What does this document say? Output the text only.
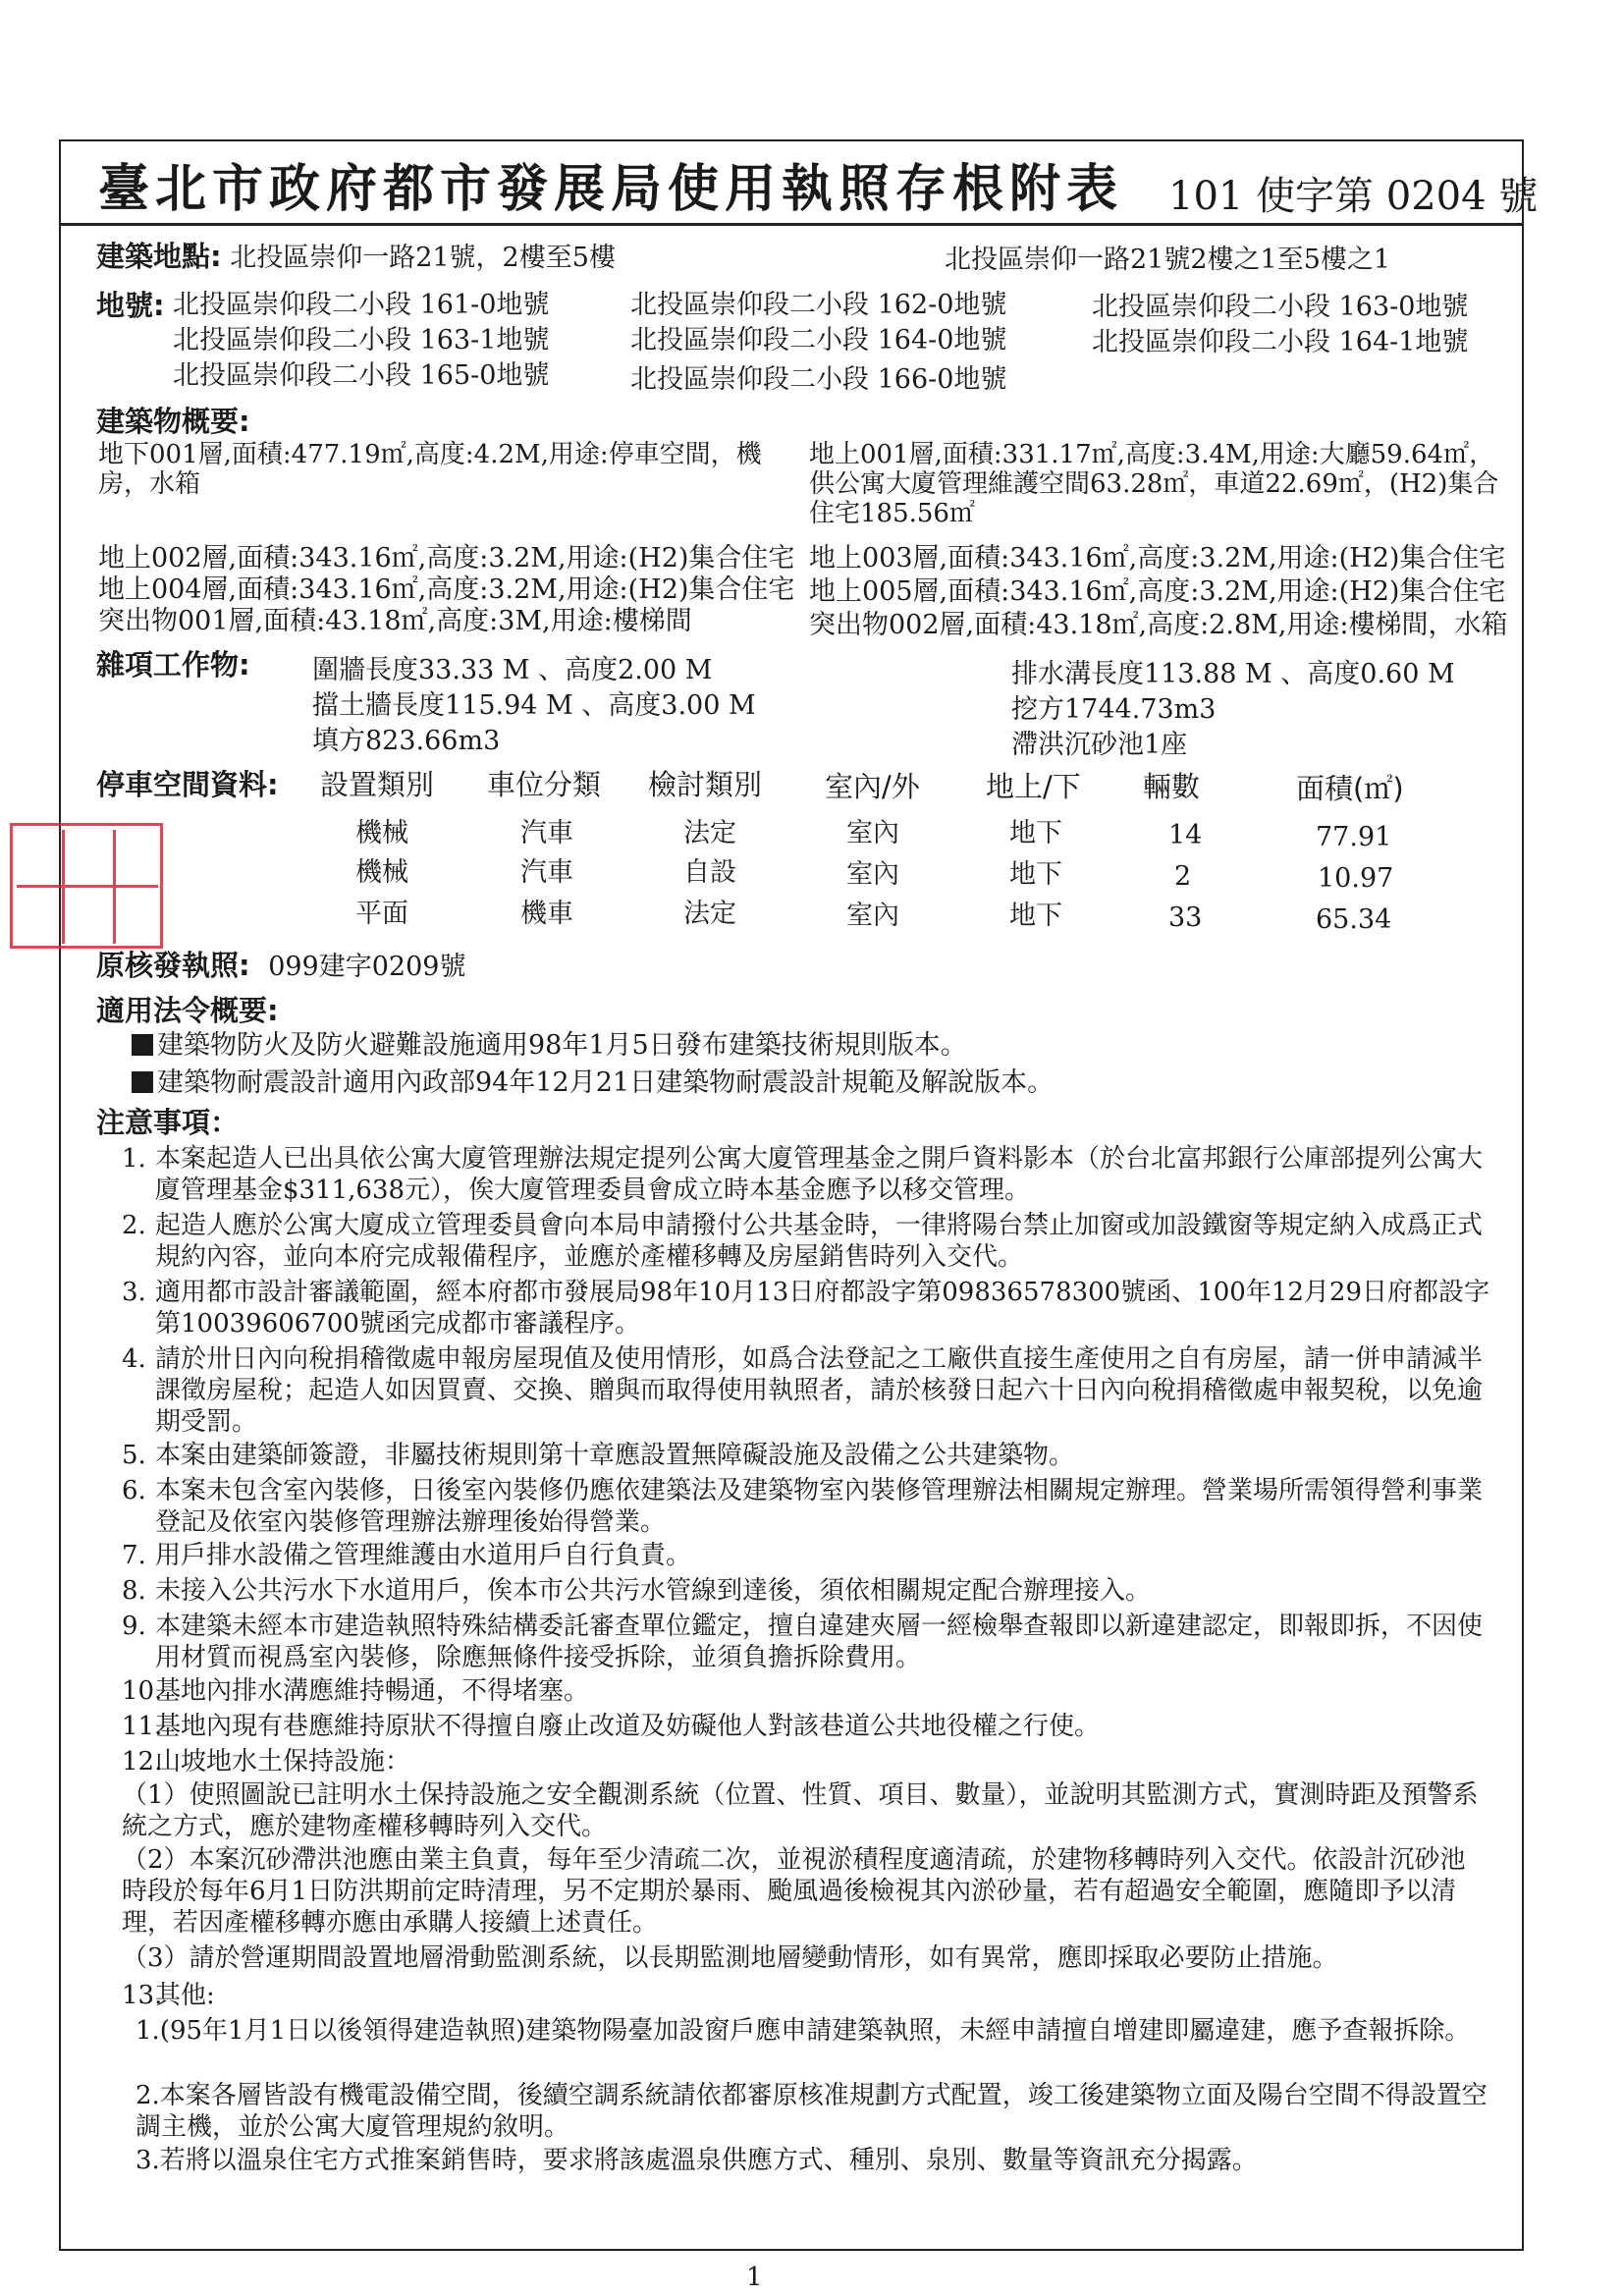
臺北市政府都市發展局使用執照存根附表 101 使字第 0204 號
建築地點: 北投區崇仰一路21號，2樓至5樓	北投區崇仰一路21號2樓之1至5樓之1
地號: 北投區崇仰段二小段 161-0地號	北投區崇仰段二小段 162-0地號	北投區崇仰段二小段 163-0地號
北投區崇仰段二小段 163-1地號	北投區崇仰段二小段 164-0地號	北投區崇仰段二小段 164-1地號
北投區崇仰段二小段 165-0地號	北投區崇仰段二小段 166-0地號
建築物概要:
地下001層,面積:477.19㎡,高度:4.2M,用途:停車空間，機房，水箱
地上001層,面積:331.17㎡,高度:3.4M,用途:大廳59.64㎡，供公寓大廈管理維護空間63.28㎡，車道22.69㎡，(H2)集合住宅185.56㎡
地上002層,面積:343.16㎡,高度:3.2M,用途:(H2)集合住宅 地上003層,面積:343.16㎡,高度:3.2M,用途:(H2)集合住宅
地上004層,面積:343.16㎡,高度:3.2M,用途:(H2)集合住宅 地上005層,面積:343.16㎡,高度:3.2M,用途:(H2)集合住宅
突出物001層,面積:43.18㎡,高度:3M,用途:樓梯間	突出物002層,面積:43.18㎡,高度:2.8M,用途:樓梯間，水箱
雜項工作物: 圍牆長度33.33 M 、高度2.00 M	排水溝長度113.88 M 、高度0.60 M
擋土牆長度115.94 M 、高度3.00 M	挖方1744.73m3
填方823.66m3	滯洪沉砂池1座
停車空間資料: 設置類別 車位分類 檢討類別 室內/外 地上/下 輛數	面積(㎡)
機械	汽車	法定	室內	地下	14	77.91
機械	汽車	自設	室內	地下	2	10.97
平面	機車	法定	室內	地下	33	65.34
原核發執照: 099建字0209號
適用法令概要:
建築物防火及防火避難設施適用98年1月5日發布建築技術規則版本。
建築物耐震設計適用內政部94年12月21日建築物耐震設計規範及解說版本。
注意事項：
1. 本案起造人已出具依公寓大廈管理辦法規定提列公寓大廈管理基金之開戶資料影本（於台北富邦銀行公庫部提列公寓大廈管理基金$311,638元），俟大廈管理委員會成立時本基金應予以移交管理。
2. 起造人應於公寓大廈成立管理委員會向本局申請撥付公共基金時，一律將陽台禁止加窗或加設鐵窗等規定納入成爲正式規約內容，並向本府完成報備程序，並應於產權移轉及房屋銷售時列入交代。
3. 適用都市設計審議範圍，經本府都市發展局98年10月13日府都設字第09836578300號函、100年12月29日府都設字第10039606700號函完成都市審議程序。
4. 請於卅日內向稅捐稽徵處申報房屋現值及使用情形，如爲合法登記之工廠供直接生產使用之自有房屋，請一併申請減半課徵房屋稅；起造人如因買賣、交換、贈與而取得使用執照者，請於核發日起六十日內向稅捐稽徵處申報契稅，以免逾期受罰。
5. 本案由建築師簽證，非屬技術規則第十章應設置無障礙設施及設備之公共建築物。
6. 本案未包含室內裝修，日後室內裝修仍應依建築法及建築物室內裝修管理辦法相關規定辦理。營業場所需領得營利事業登記及依室內裝修管理辦法辦理後始得營業。
7. 用戶排水設備之管理維護由水道用戶自行負責。
8. 未接入公共污水下水道用戶，俟本市公共污水管線到達後，須依相關規定配合辦理接入。
9. 本建築未經本市建造執照特殊結構委託審查單位鑑定，擅自違建夾層一經檢舉查報即以新違建認定，即報即拆，不因使用材質而視爲室內裝修，除應無條件接受拆除，並須負擔拆除費用。
10.
基地內排水溝應維持暢通，不得堵塞。
11.
基地內現有巷應維持原狀不得擅自廢止改道及妨礙他人對該巷道公共地役權之行使。
12.
山坡地水土保持設施：
（1）使照圖說已註明水土保持設施之安全觀測系統（位置、性質、項目、數量），並說明其監測方式，實測時距及預警系統之方式，應於建物產權移轉時列入交代。
（2）本案沉砂滯洪池應由業主負責，每年至少清疏二次，並視淤積程度適清疏，於建物移轉時列入交代。依設計沉砂池時段於每年6月1日防洪期前定時清理，另不定期於暴雨、颱風過後檢視其內淤砂量，若有超過安全範圍，應隨即予以清理，若因產權移轉亦應由承購人接續上述責任。
（3）請於營運期間設置地層滑動監測系統，以長期監測地層變動情形，如有異常，應即採取必要防止措施。
13.
其他:
1.(95年1月1日以後領得建造執照)建築物陽臺加設窗戶應申請建築執照，未經申請擅自增建即屬違建，應予查報拆除。
2.本案各層皆設有機電設備空間，後續空調系統請依都審原核准規劃方式配置，竣工後建築物立面及陽台空間不得設置空調主機，並於公寓大廈管理規約敘明。
3.若將以溫泉住宅方式推案銷售時，要求將該處溫泉供應方式、種別、泉別、數量等資訊充分揭露。
1
